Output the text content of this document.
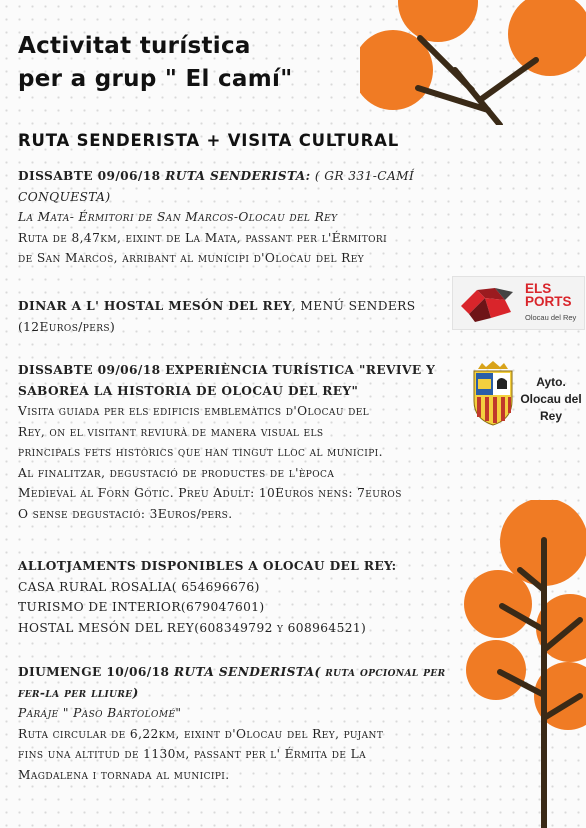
Activitat turística
per a grup " El camí"
RUTA SENDERISTA + VISITA CULTURAL
DISSABTE 09/06/18 RUTA SENDERISTA: ( GR 331-CAMÍ
CONQUESTA)
La Mata- Érmitori de San Marcos-Olocau del Rey
Ruta de 8,47km, eixint de La Mata, passant per l'Érmitori
de San Marcos, arribant al municipi d'Olocau del Rey
DINAR A L' HOSTAL MESÓN DEL REY, MENÚ SENDERS
(12Euros/pers)
DISSABTE 09/06/18 EXPERIÈNCIA TURÍSTICA "REVIVE Y
SABOREA LA HISTORIA DE OLOCAU DEL REY"
Visita guiada per els edificis emblemàtics d'Olocau del
Rey, on el visitant reviurà de manera visual els
principals fets històrics que han tingut lloc al municipi.
Al finalitzar, degustació de productes de l'època
Medieval al Forn Gòtic. Preu Adult: 10Euros nens: 7euros
O sense degustació: 3Euros/pers.
ALLOTJAMENTS DISPONIBLES A OLOCAU DEL REY:
CASA RURAL ROSALIA( 654696676)
TURISMO DE INTERIOR(679047601)
HOSTAL MESÓN DEL REY(608349792 y 608964521)
DIUMENGE 10/06/18 RUTA SENDERISTA( ruta opcional per
fer-la per lliure)
Paraje " Paso Bartolomé"
Ruta circular de 6,22km, eixint d'Olocau del Rey, pujant
fins una altitud de 1130m, passant per l' Érmita de La
Magdalena i tornada al municipi.
ELS
PORTS
Olocau del Rey
Ayto.
Olocau del
Rey
